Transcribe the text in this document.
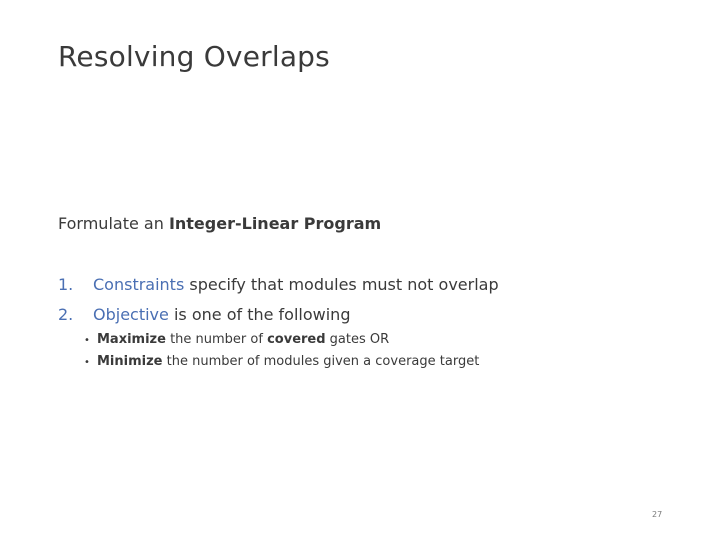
Resolving Overlaps
Formulate an Integer-Linear Program
1.	Constraints specify that modules must not overlap
2.	Objective is one of the following
• Maximize the number of covered gates OR
• Minimize the number of modules given a coverage target
27
